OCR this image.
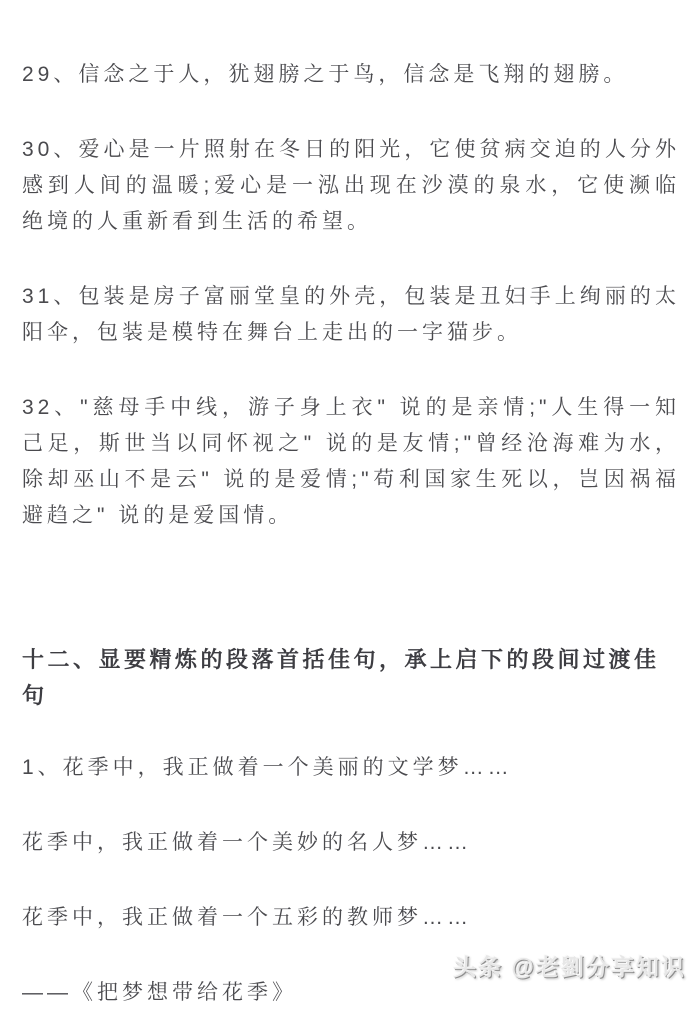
29、信念之于人，犹翅膀之于鸟，信念是飞翔的翅膀。

30、爱心是一片照射在冬日的阳光，它使贫病交迫的人分外感到人间的温暖;爱心是一泓出现在沙漠的泉水，它使濒临绝境的人重新看到生活的希望。

31、包装是房子富丽堂皇的外壳，包装是丑妇手上绚丽的太阳伞，包装是模特在舞台上走出的一字猫步。

32、"慈母手中线，游子身上衣" 说的是亲情;"人生得一知己足，斯世当以同怀视之" 说的是友情;"曾经沧海难为水，除却巫山不是云" 说的是爱情;"苟利国家生死以，岂因祸福避趋之" 说的是爱国情。

十二、显要精炼的段落首括佳句，承上启下的段间过渡佳句

1、花季中，我正做着一个美丽的文学梦……

花季中，我正做着一个美妙的名人梦……

花季中，我正做着一个五彩的教师梦……

——《把梦想带给花季》

头条 @老劉分享知识
